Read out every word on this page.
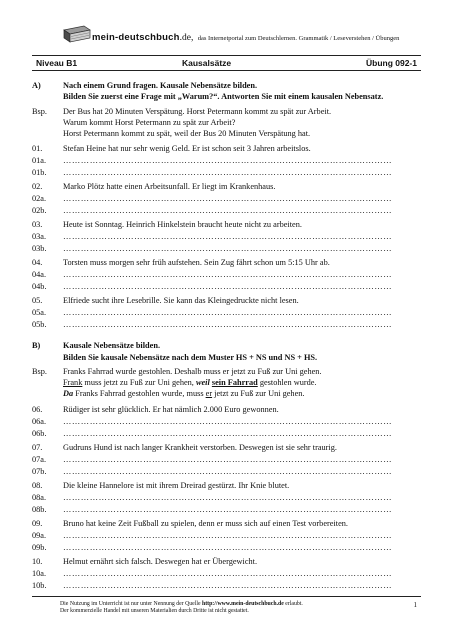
mein-deutschbuch.de, das Internetportal zum Deutschlernen. Grammatik / Leseverstehen / Übungen
Niveau B1	Kausalsätze	Übung 092-1
A)	Nach einem Grund fragen. Kausale Nebensätze bilden.
Bilden Sie zuerst eine Frage mit „Warum?“. Antworten Sie mit einem kausalen Nebensatz.
Bsp. Der Bus hat 20 Minuten Verspätung. Horst Petermann kommt zu spät zur Arbeit.
Warum kommt Horst Petermann zu spät zur Arbeit?
Horst Petermann kommt zu spät, weil der Bus 20 Minuten Verspätung hat.
01. Stefan Heine hat nur sehr wenig Geld. Er ist schon seit 3 Jahren arbeitslos.
01a. …………………………………………………………………………………………………
01b. …………………………………………………………………………………………………
02. Marko Plötz hatte einen Arbeitsunfall. Er liegt im Krankenhaus.
02a. …………………………………………………………………………………………………
02b. …………………………………………………………………………………………………
03. Heute ist Sonntag. Heinrich Hinkelstein braucht heute nicht zu arbeiten.
03a. …………………………………………………………………………………………………
03b. …………………………………………………………………………………………………
04. Torsten muss morgen sehr früh aufstehen. Sein Zug fährt schon um 5:15 Uhr ab.
04a. …………………………………………………………………………………………………
04b. …………………………………………………………………………………………………
05. Elfriede sucht ihre Lesebrille. Sie kann das Kleingedruckte nicht lesen.
05a. …………………………………………………………………………………………………
05b. …………………………………………………………………………………………………
B)	Kausale Nebensätze bilden.
Bilden Sie kausale Nebensätze nach dem Muster HS + NS und NS + HS.
Bsp. Franks Fahrrad wurde gestohlen. Deshalb muss er jetzt zu Fuß zur Uni gehen.
Frank muss jetzt zu Fuß zur Uni gehen, weil sein Fahrrad gestohlen wurde.
Da Franks Fahrrad gestohlen wurde, muss er jetzt zu Fuß zur Uni gehen.
06. Rüdiger ist sehr glücklich. Er hat nämlich 2.000 Euro gewonnen.
06a. …………………………………………………………………………………………………
06b. …………………………………………………………………………………………………
07. Gudruns Hund ist nach langer Krankheit verstorben. Deswegen ist sie sehr traurig.
07a. …………………………………………………………………………………………………
07b. …………………………………………………………………………………………………
08. Die kleine Hannelore ist mit ihrem Dreirad gestürzt. Ihr Knie blutet.
08a. …………………………………………………………………………………………………
08b. …………………………………………………………………………………………………
09. Bruno hat keine Zeit Fußball zu spielen, denn er muss sich auf einen Test vorbereiten.
09a. …………………………………………………………………………………………………
09b. …………………………………………………………………………………………………
10. Helmut ernährt sich falsch. Deswegen hat er Übergewicht.
10a. …………………………………………………………………………………………………
10b. …………………………………………………………………………………………………
Die Nutzung im Unterricht ist nur unter Nennung der Quelle http://www.mein-deutschbuch.de erlaubt.
Der kommerzielle Handel mit unseren Materialien durch Dritte ist nicht gestattet.
1
